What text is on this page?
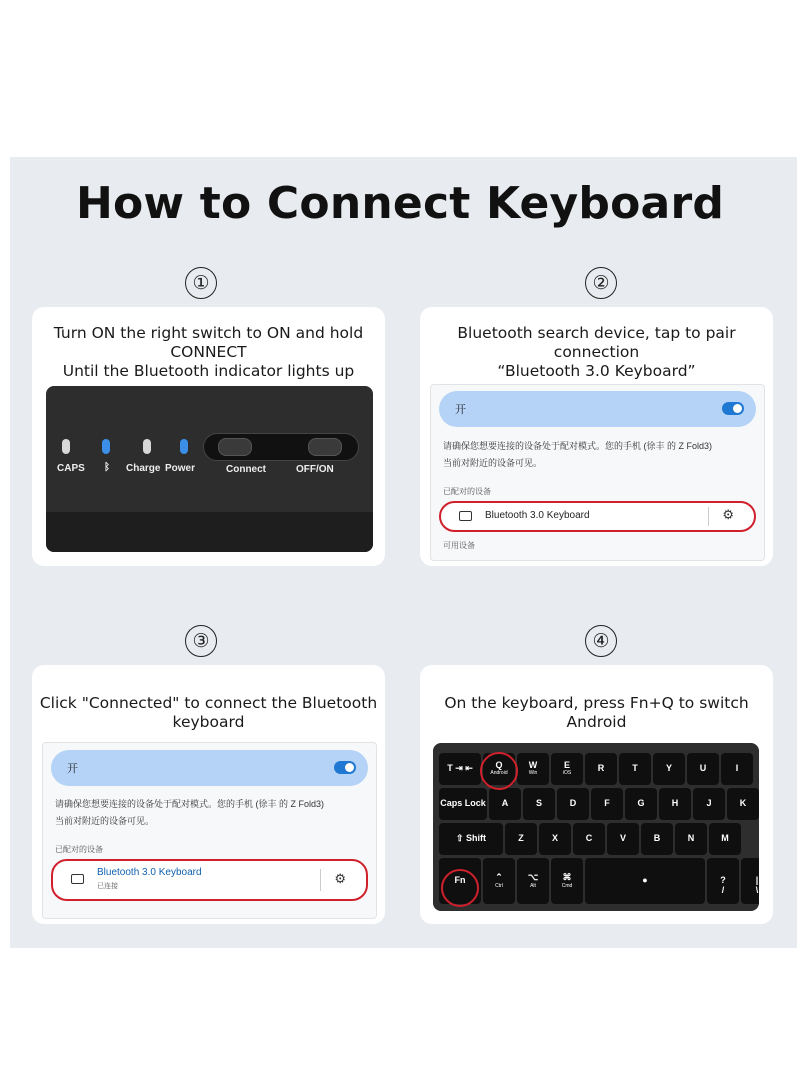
How to Connect Keyboard
①
Turn ON the right switch to ON and hold CONNECT
Until the Bluetooth indicator lights up
CAPS ᛒ Charge Power	Connect	OFF/ON
②
Bluetooth search device, tap to pair connection
“Bluetooth 3.0 Keyboard”
开
请确保您想要连接的设备处于配对模式。您的手机 (徐丰 的 Z Fold3)
当前对附近的设备可见。
已配对的设备
Bluetooth 3.0 Keyboard	⚙
可用设备
③
Click "Connected" to connect the Bluetooth keyboard
开
请确保您想要连接的设备处于配对模式。您的手机 (徐丰 的 Z Fold3)
当前对附近的设备可见。
已配对的设备
Bluetooth 3.0 Keyboard
已连接
⚙
④
On the keyboard, press Fn+Q to switch Android
T ⇥ ⇤	Q
Android
W
Win
E
iOS	R	T	Y	U	I
Caps Lock	A	S	D	F	G	H	J	K
⇧ Shift	Z	X	C	V	B	N	M
Fn	⌃
Ctrl
⌥
Alt
⌘
Cmd
●	?
/
|
\
